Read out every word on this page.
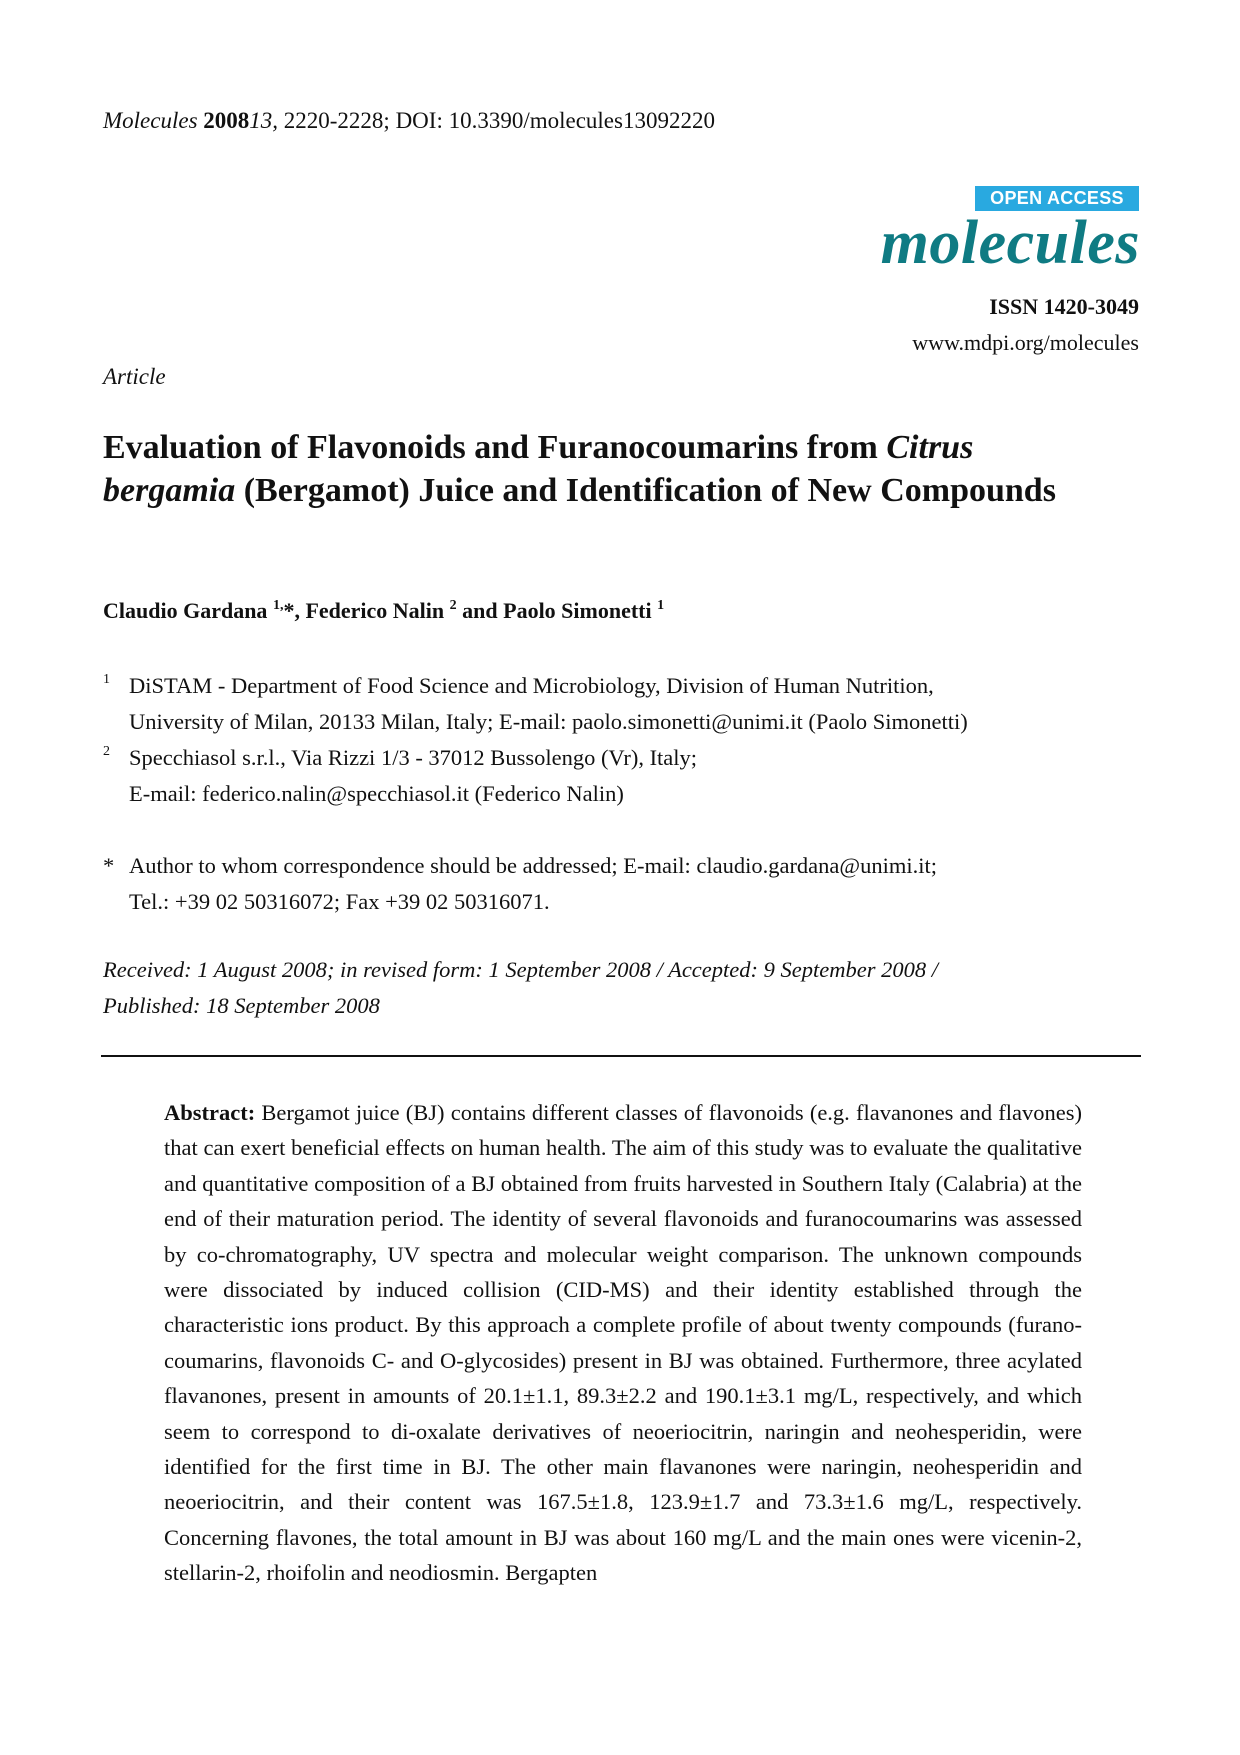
Molecules 200813, 2220-2228; DOI: 10.3390/molecules13092220
OPEN ACCESS
molecules
ISSN 1420-3049
www.mdpi.org/molecules
Article
Evaluation of Flavonoids and Furanocoumarins from Citrus bergamia (Bergamot) Juice and Identification of New Compounds
Claudio Gardana $^{1,}$*, Federico Nalin $^2$ and Paolo Simonetti $^1$
1 DiSTAM - Department of Food Science and Microbiology, Division of Human Nutrition,
University of Milan, 20133 Milan, Italy; E-mail: paolo.simonetti@unimi.it (Paolo Simonetti)
2 Specchiasol s.r.l., Via Rizzi 1/3 - 37012 Bussolengo (Vr), Italy;
E-mail: federico.nalin@specchiasol.it (Federico Nalin)
* Author to whom correspondence should be addressed; E-mail: claudio.gardana@unimi.it;
Tel.: +39 02 50316072; Fax +39 02 50316071.
Received: 1 August 2008; in revised form: 1 September 2008 / Accepted: 9 September 2008 /
Published: 18 September 2008
Abstract: Bergamot juice (BJ) contains different classes of flavonoids (e.g. flavanones and flavones) that can exert beneficial effects on human health. The aim of this study was to evaluate the qualitative and quantitative composition of a BJ obtained from fruits harvested in Southern Italy (Calabria) at the end of their maturation period. The identity of several flavonoids and furanocoumarins was assessed by co-chromatography, UV spectra and molecular weight comparison. The unknown compounds were dissociated by induced collision (CID-MS) and their identity established through the characteristic ions product. By this approach a complete profile of about twenty compounds (furano-coumarins, flavonoids C- and O-glycosides) present in BJ was obtained. Furthermore, three acylated flavanones, present in amounts of 20.1±1.1, 89.3±2.2 and 190.1±3.1 mg/L, respectively, and which seem to correspond to di-oxalate derivatives of neoeriocitrin, naringin and neohesperidin, were identified for the first time in BJ. The other main flavanones were naringin, neohesperidin and neoeriocitrin, and their content was 167.5±1.8, 123.9±1.7 and 73.3±1.6 mg/L, respectively. Concerning flavones, the total amount in BJ was about 160 mg/L and the main ones were vicenin-2, stellarin-2, rhoifolin and neodiosmin. Bergapten
